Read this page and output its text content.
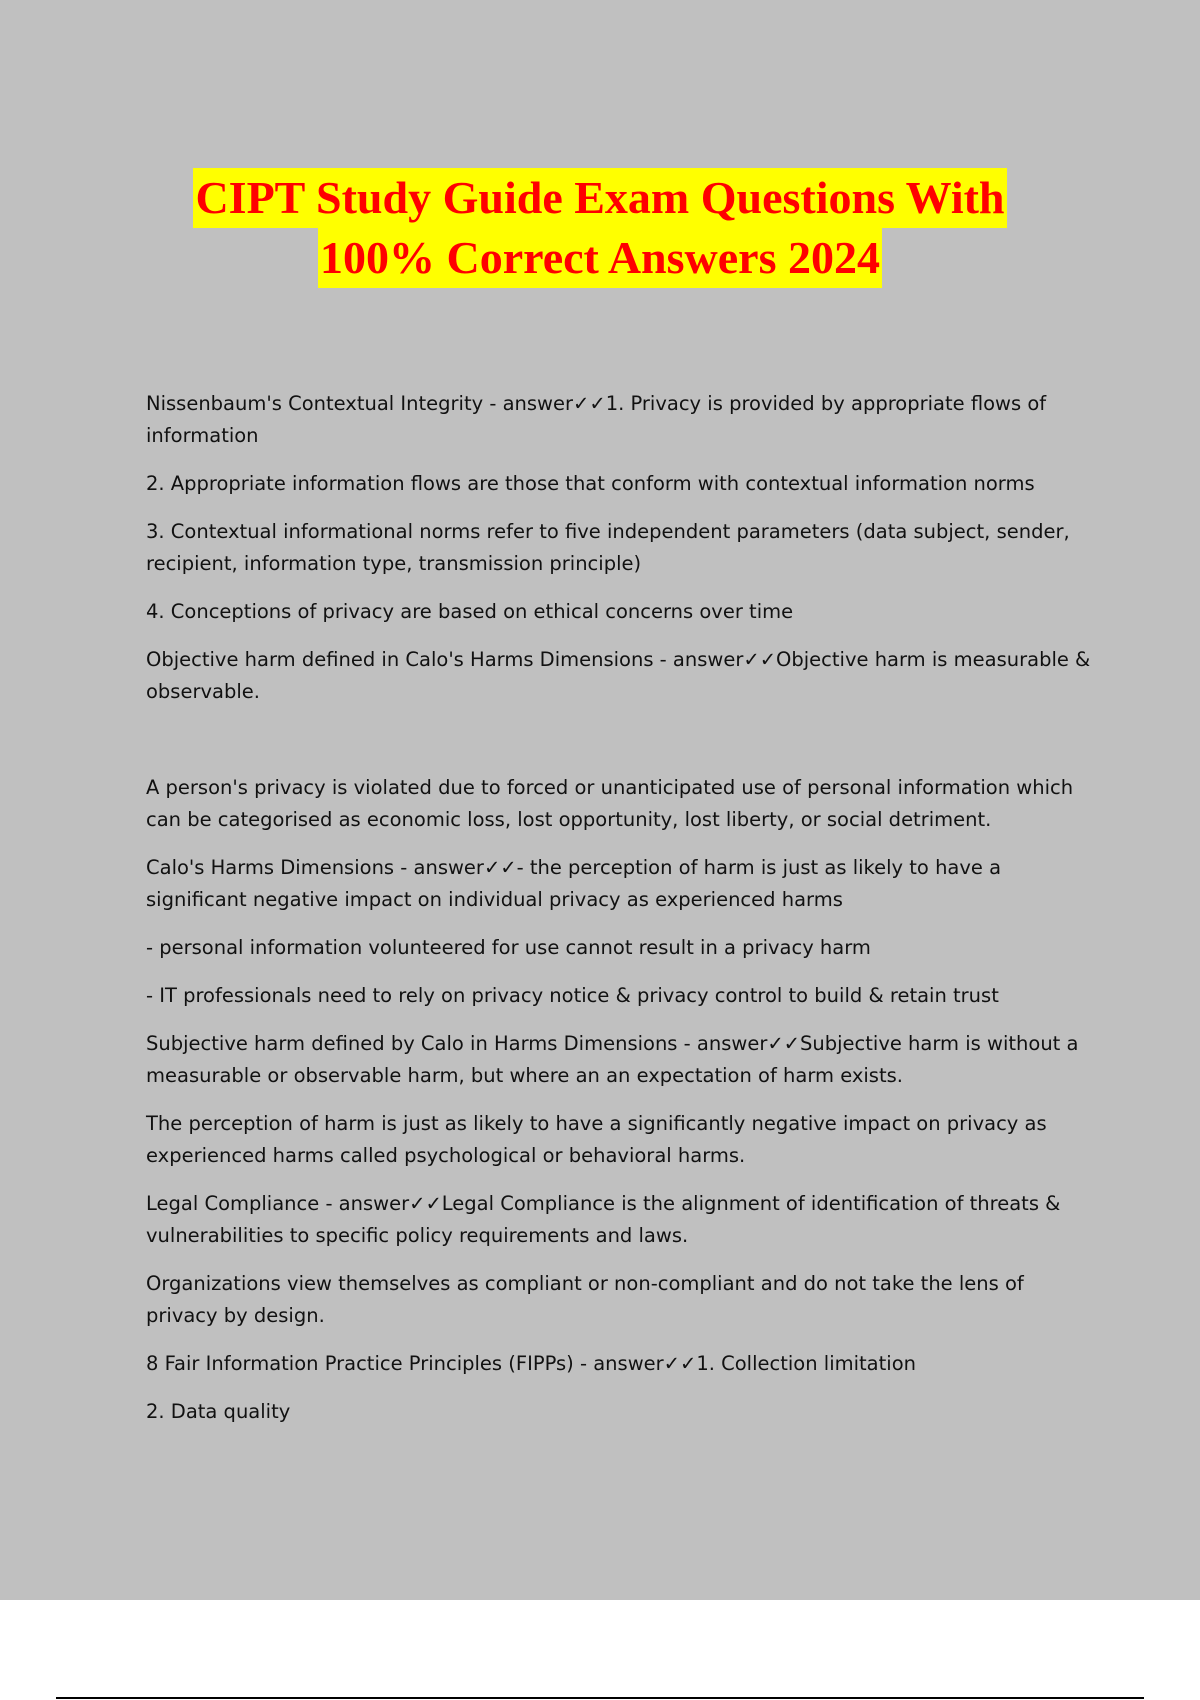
CIPT Study Guide Exam Questions With
100% Correct Answers 2024

Nissenbaum's Contextual Integrity - answer✓✓1. Privacy is provided by appropriate flows of information

2. Appropriate information flows are those that conform with contextual information norms

3. Contextual informational norms refer to five independent parameters (data subject, sender, recipient, information type, transmission principle)

4. Conceptions of privacy are based on ethical concerns over time

Objective harm defined in Calo's Harms Dimensions - answer✓✓Objective harm is measurable & observable.

A person's privacy is violated due to forced or unanticipated use of personal information which can be categorised as economic loss, lost opportunity, lost liberty, or social detriment.

Calo's Harms Dimensions - answer✓✓- the perception of harm is just as likely to have a significant negative impact on individual privacy as experienced harms

- personal information volunteered for use cannot result in a privacy harm

- IT professionals need to rely on privacy notice & privacy control to build & retain trust

Subjective harm defined by Calo in Harms Dimensions - answer✓✓Subjective harm is without a measurable or observable harm, but where an an expectation of harm exists.

The perception of harm is just as likely to have a significantly negative impact on privacy as experienced harms called psychological or behavioral harms.

Legal Compliance - answer✓✓Legal Compliance is the alignment of identification of threats & vulnerabilities to specific policy requirements and laws.

Organizations view themselves as compliant or non-compliant and do not take the lens of privacy by design.

8 Fair Information Practice Principles (FIPPs) - answer✓✓1. Collection limitation

2. Data quality
